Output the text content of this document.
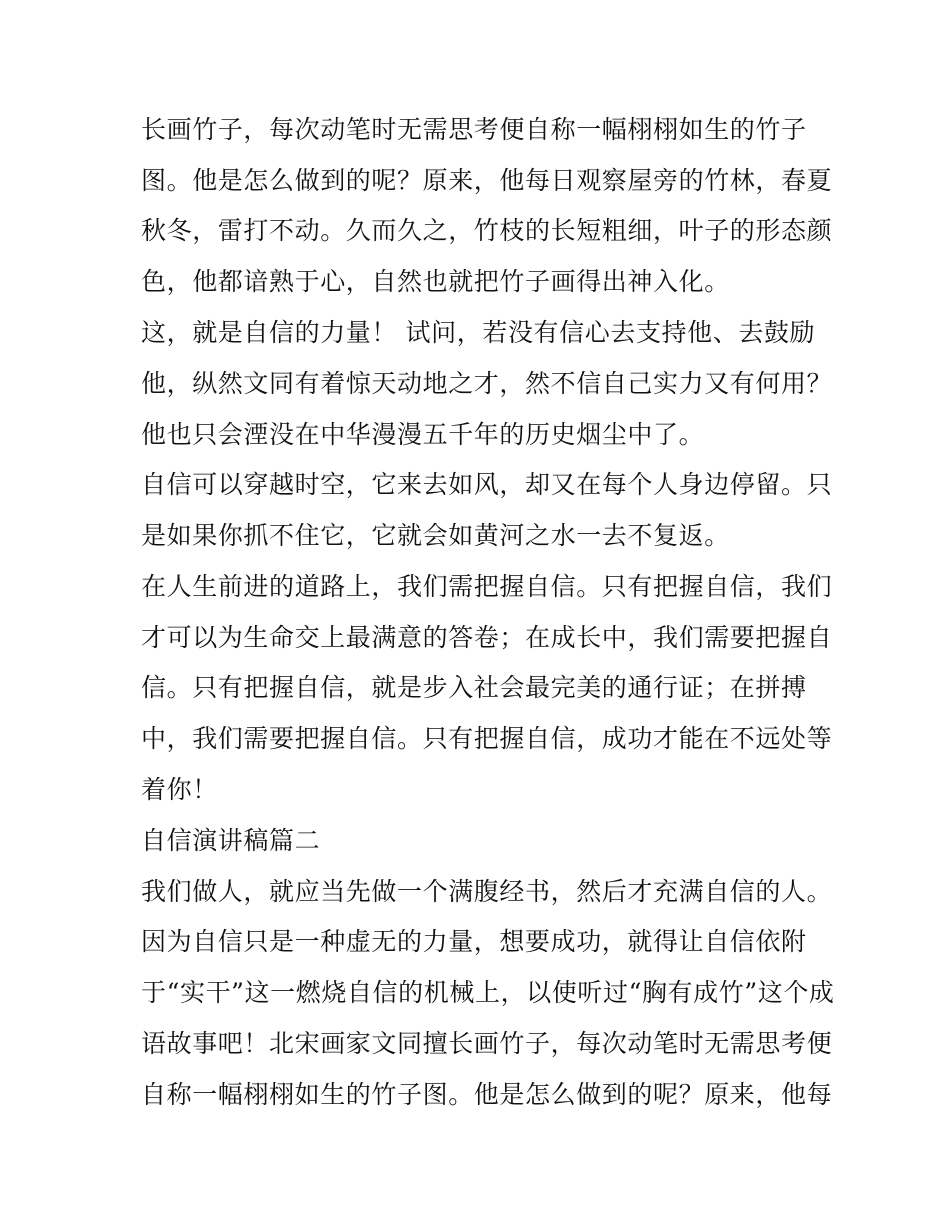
长画竹子，每次动笔时无需思考便自称一幅栩栩如生的竹子
图。他是怎么做到的呢？原来，他每日观察屋旁的竹林，春夏
秋冬，雷打不动。久而久之，竹枝的长短粗细，叶子的形态颜
色，他都谙熟于心，自然也就把竹子画得出神入化。
这，就是自信的力量！ 试问，若没有信心去支持他、去鼓励
他，纵然文同有着惊天动地之才，然不信自己实力又有何用？
他也只会湮没在中华漫漫五千年的历史烟尘中了。
自信可以穿越时空，它来去如风，却又在每个人身边停留。只
是如果你抓不住它，它就会如黄河之水一去不复返。
在人生前进的道路上，我们需把握自信。只有把握自信，我们
才可以为生命交上最满意的答卷；在成长中，我们需要把握自
信。只有把握自信，就是步入社会最完美的通行证；在拼搏
中，我们需要把握自信。只有把握自信，成功才能在不远处等
着你！
自信演讲稿篇二
我们做人，就应当先做一个满腹经书，然后才充满自信的人。
因为自信只是一种虚无的力量，想要成功，就得让自信依附
于“实干”这一燃烧自信的机械上，以使听过“胸有成竹”这个成
语故事吧！北宋画家文同擅长画竹子，每次动笔时无需思考便
自称一幅栩栩如生的竹子图。他是怎么做到的呢？原来，他每
